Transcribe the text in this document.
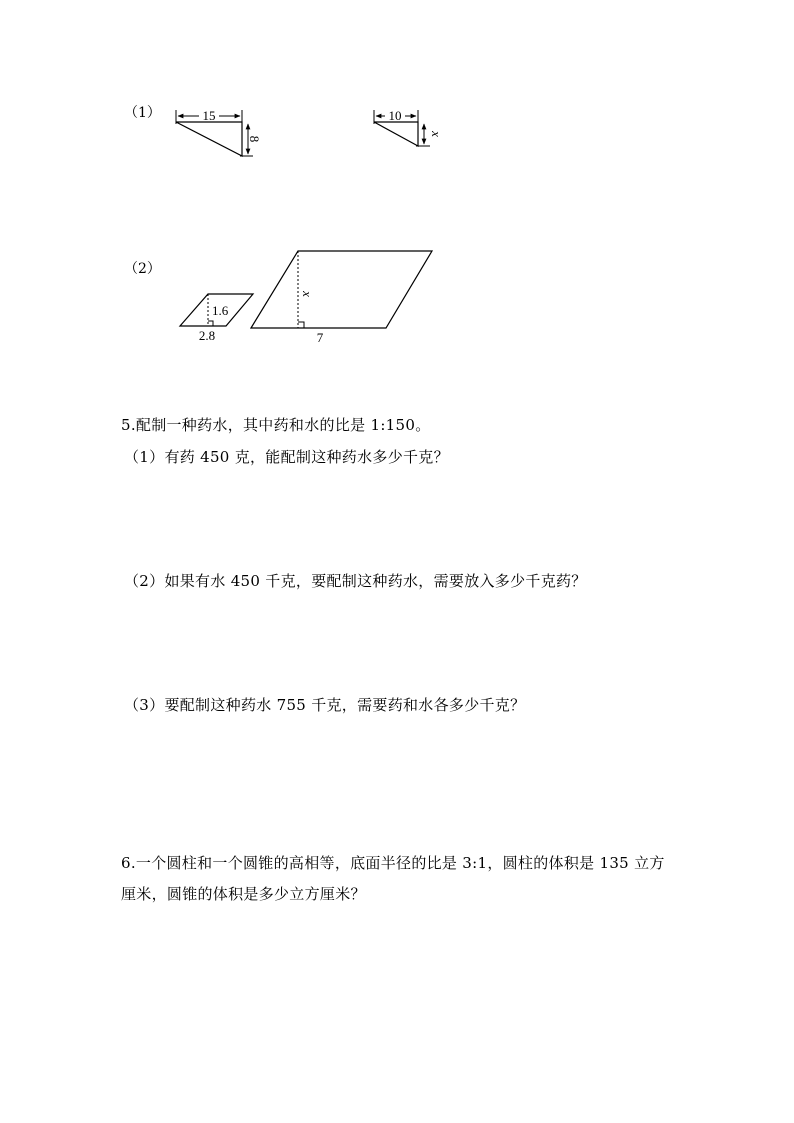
（1）
（2）
15
8
10
x
1.6
2.8
x
7
5.配制一种药水，其中药和水的比是 1:150。
（1）有药 450 克，能配制这种药水多少千克？
（2）如果有水 450 千克，要配制这种药水，需要放入多少千克药？
（3）要配制这种药水 755 千克，需要药和水各多少千克？
6.一个圆柱和一个圆锥的高相等，底面半径的比是 3:1，圆柱的体积是 135 立方
厘米，圆锥的体积是多少立方厘米？
